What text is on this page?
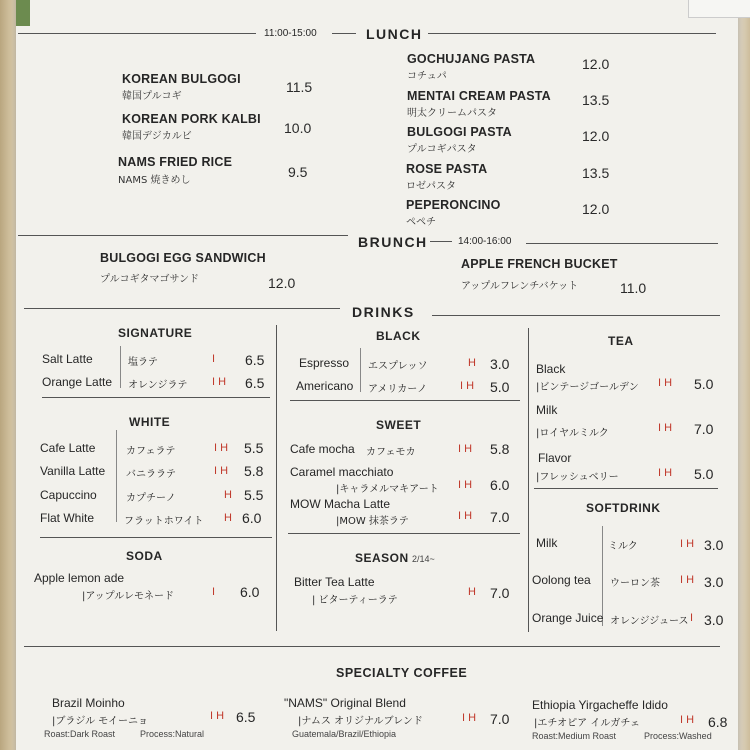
11:00-15:00	LUNCH
KOREAN BULGOGI
韓国プルコギ
11.5
KOREAN PORK KALBI
韓国デジカルビ
10.0
NAMS FRIED RICE
NAMS 焼きめし
9.5
GOCHUJANG PASTA
コチュパ
12.0
MENTAI CREAM PASTA
明太クリームパスタ
13.5
BULGOGI PASTA
プルコギパスタ
12.0
ROSE PASTA
ロゼパスタ
13.5
PEPERONCINO
ペペチ
12.0
BRUNCH	14:00-16:00
BULGOGI EGG SANDWICH
プルコギタマゴサンド	12.0
APPLE FRENCH BUCKET
アップルフレンチバケット	11.0
DRINKS
SIGNATURE
Salt Latte	塩ラテ	I 6.5
Orange Latte オレンジラテ I H 6.5
WHITE
Cafe Latte	カフェラテ	I H 5.5
Vanilla Latte バニララテ	I H 5.8
Capuccino	カプチーノ	H 5.5
Flat White	フラットホワイト H 6.0
SODA
Apple lemon ade
|アップルレモネード	I 6.0
BLACK
Espresso エスプレッソ	H 3.0
Americano アメリカーノ	I H 5.0
SWEET
Cafe mocha カフェモカ	I H 5.8
Caramel macchiato
|キャラメルマキアート I H 6.0
MOW Macha Latte
|MOW 抹茶ラテ	I H 7.0
SEASON 2/14~
Bitter Tea Latte
| ビターティーラテ
H 7.0
TEA
Black
|ビンテージゴールデン I H 5.0
Milk
|ロイヤルミルク	I H 7.0
Flavor
|フレッシュベリー	I H 5.0
SOFTDRINK
Milk	ミルク	I H 3.0
Oolong tea ウーロン茶 I H 3.0
Orange Juice オレンジジュース I 3.0
SPECIALTY COFFEE
Brazil Moinho
|ブラジル モイーニョ	I H 6.5
Roast:Dark Roast	Process:Natural
"NAMS" Original Blend
|ナムス オリジナルブレンド	I H 7.0
Guatemala/Brazil/Ethiopia
Ethiopia Yirgacheffe Idido
|エチオピア イルガチェ	I H 6.8
Roast:Medium Roast	Process:Washed
